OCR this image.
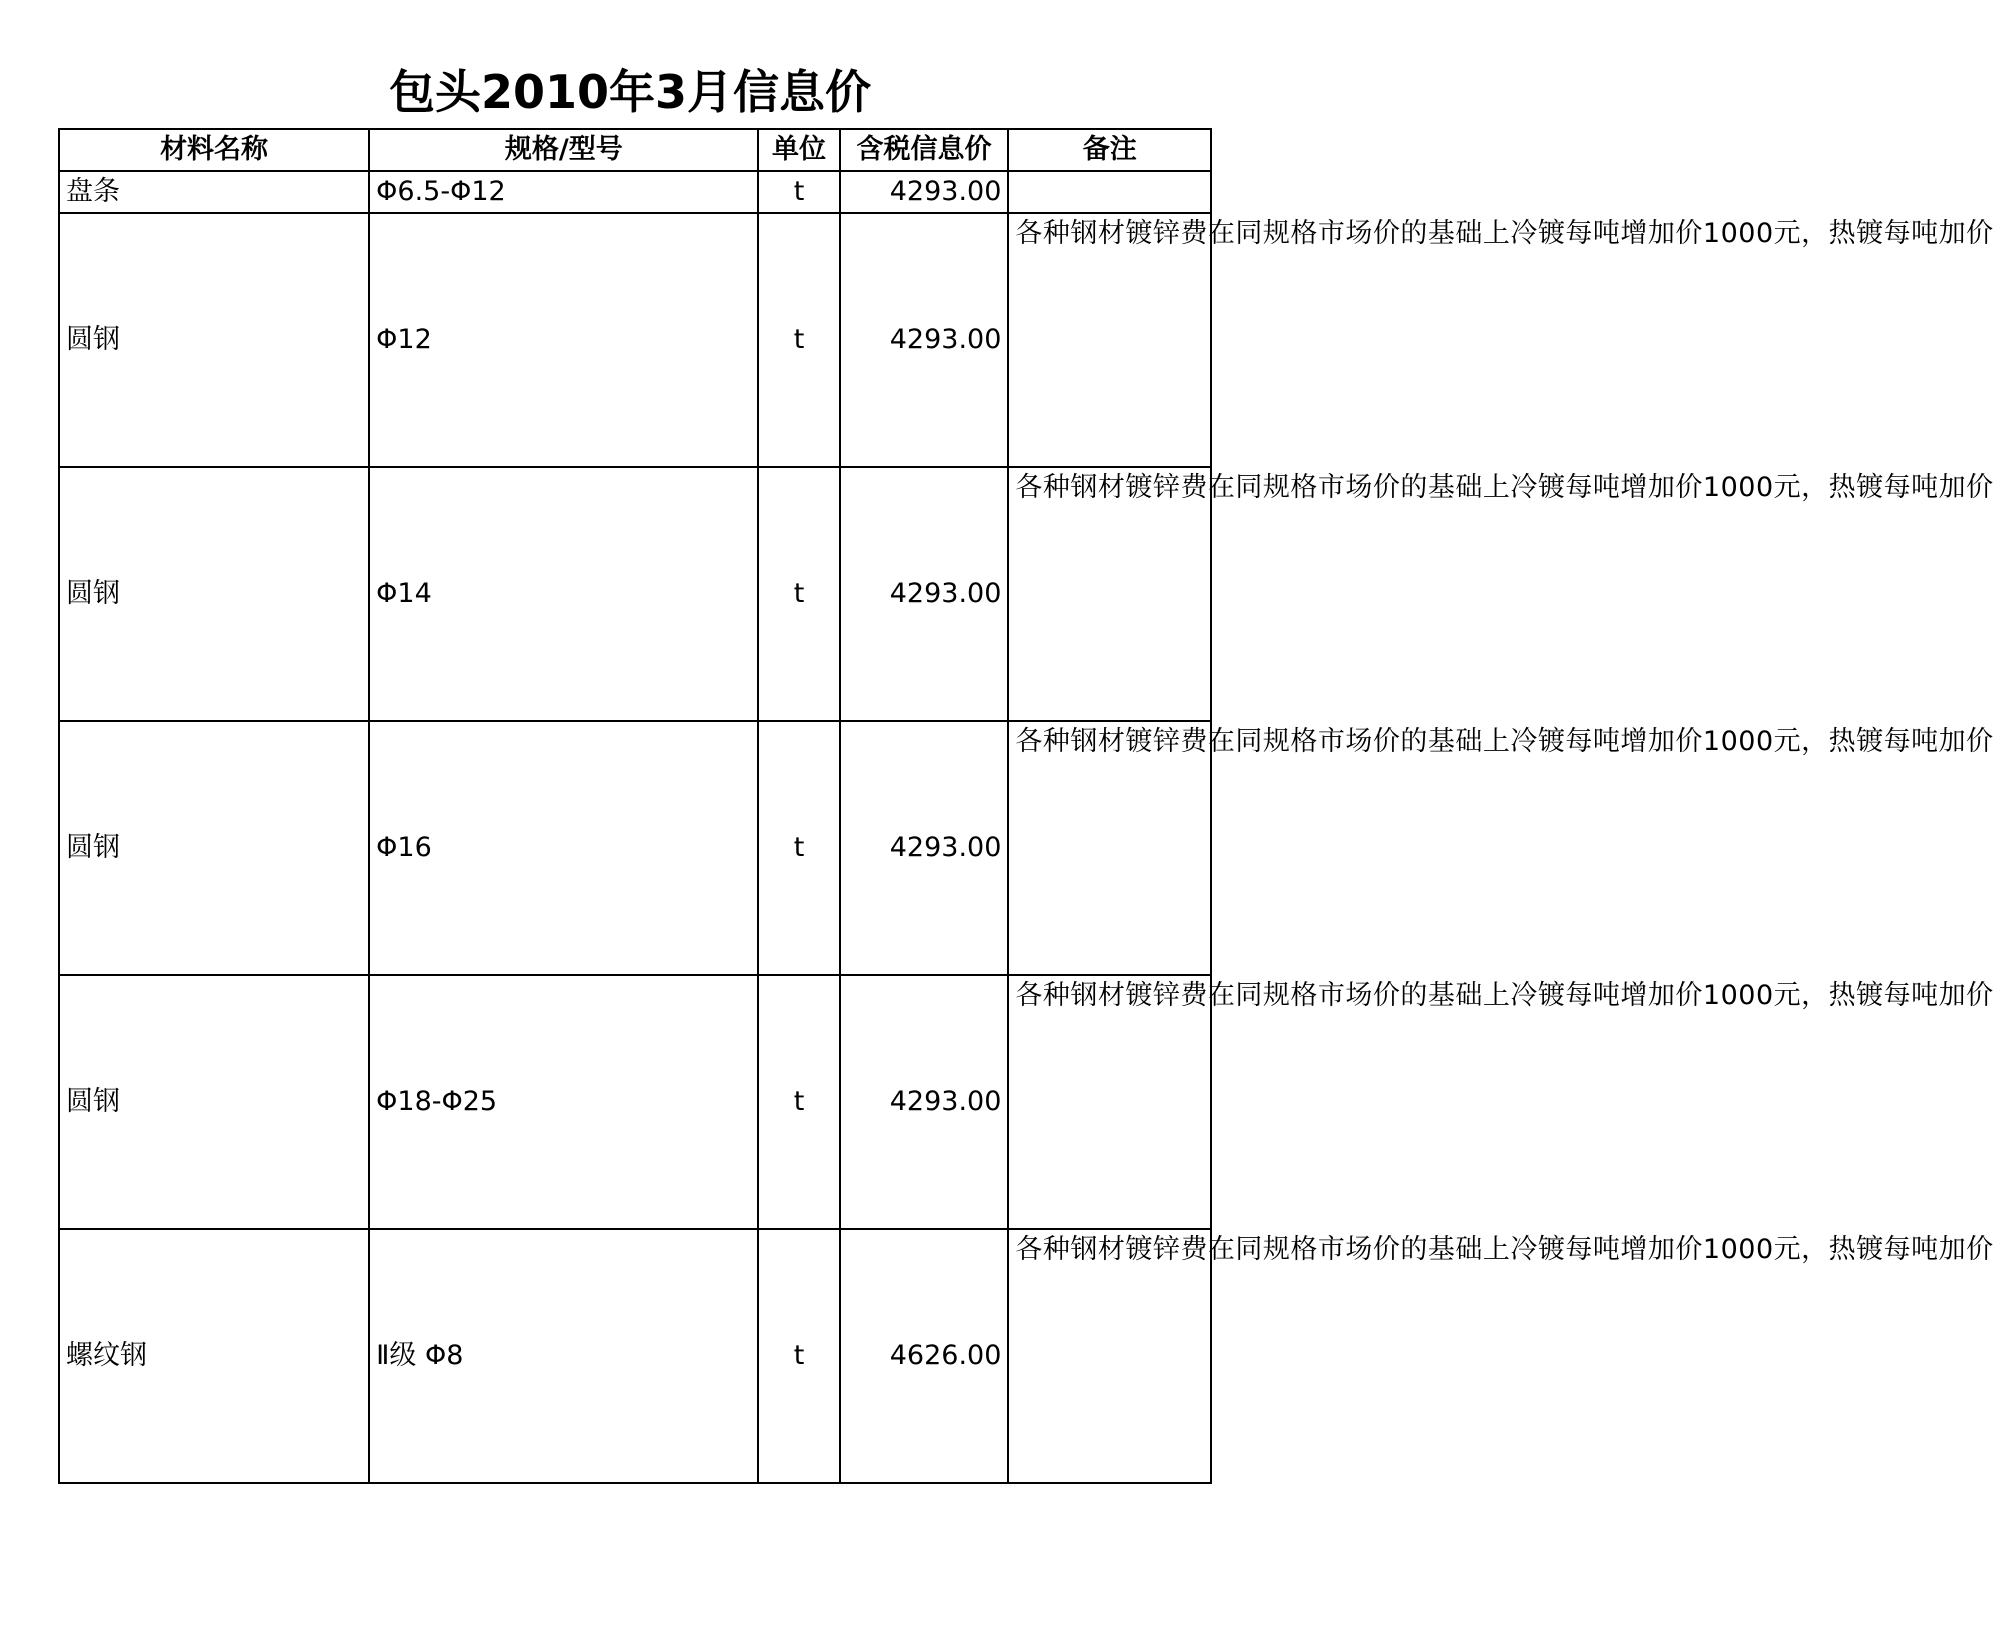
包头2010年3月信息价
材料名称	规格/型号	单位	含税信息价	备注
盘条	Φ6.5-Φ12	t	4293.00	
圆钢	Φ12	t	4293.00	各种钢材镀锌费在同规格市场价的基础上冷镀每吨增加价1000元，热镀每吨加价
圆钢	Φ14	t	4293.00	各种钢材镀锌费在同规格市场价的基础上冷镀每吨增加价1000元，热镀每吨加价
圆钢	Φ16	t	4293.00	各种钢材镀锌费在同规格市场价的基础上冷镀每吨增加价1000元，热镀每吨加价
圆钢	Φ18-Φ25	t	4293.00	各种钢材镀锌费在同规格市场价的基础上冷镀每吨增加价1000元，热镀每吨加价
螺纹钢	Ⅱ级 Φ8	t	4626.00	各种钢材镀锌费在同规格市场价的基础上冷镀每吨增加价1000元，热镀每吨加价
